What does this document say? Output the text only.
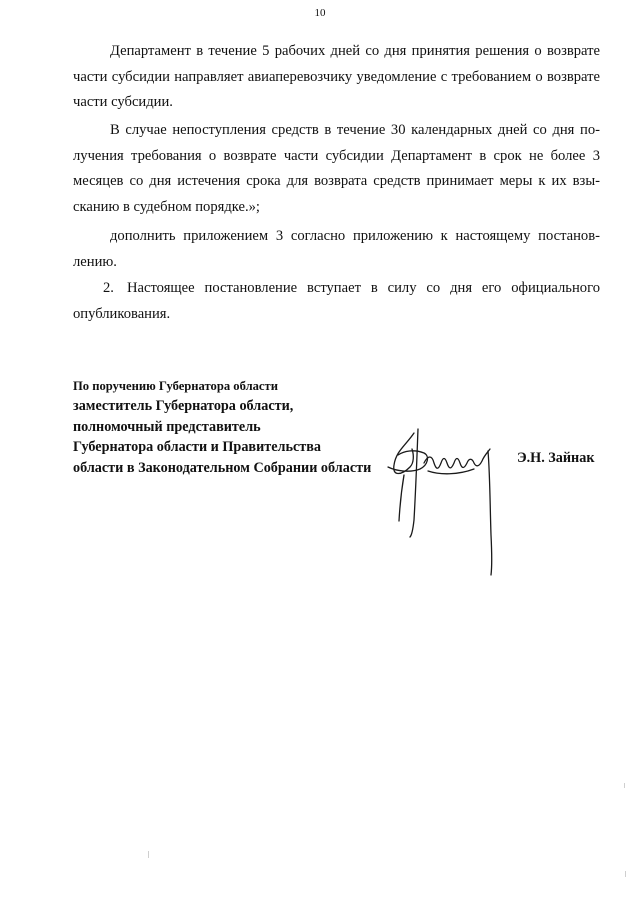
10

Департамент в течение 5 рабочих дней со дня принятия решения о возврате части субсидии направляет авиаперевозчику уведомление с требованием о возврате части субсидии.

В случае непоступления средств в течение 30 календарных дней со дня получения требования о возврате части субсидии Департамент в срок не более 3 месяцев со дня истечения срока для возврата средств принимает меры к их взысканию в судебном порядке.»;

дополнить приложением 3 согласно приложению к настоящему постановлению.

2. Настоящее постановление вступает в силу со дня его официального опубликования.

По поручению Губернатора области
заместитель Губернатора области,
полномочный представитель
Губернатора области и Правительства
области в Законодательном Собрании области
Э.Н. Зайнак
